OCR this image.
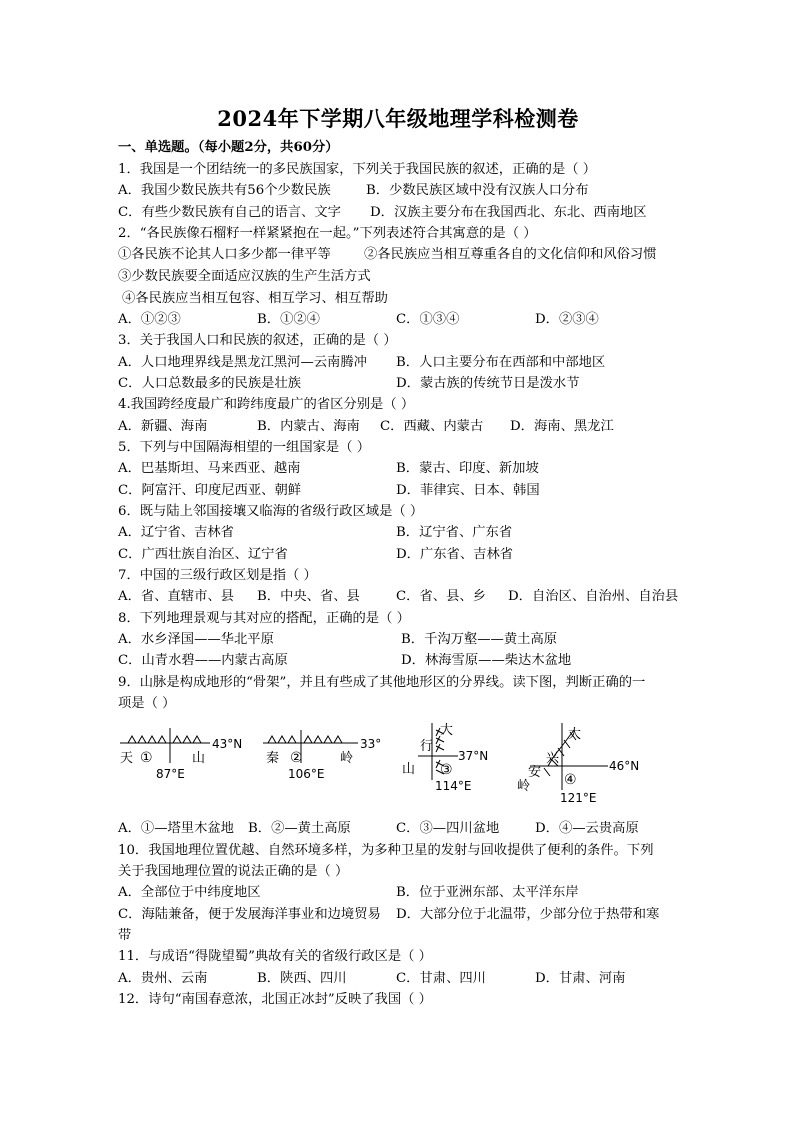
2024年下学期八年级地理学科检测卷
一、单选题。（每小题2分，共60分）
1．我国是一个团结统一的多民族国家，下列关于我国民族的叙述，正确的是（ ）
A．我国少数民族共有56个少数民族	B．少数民族区域中没有汉族人口分布
C．有些少数民族有自己的语言、文字 D．汉族主要分布在我国西北、东北、西南地区
2．“各民族像石榴籽一样紧紧抱在一起。”下列表述符合其寓意的是（ ）
①各民族不论其人口多少都一律平等	②各民族应当相互尊重各自的文化信仰和风俗习惯
③少数民族要全面适应汉族的生产生活方式
④各民族应当相互包容、相互学习、相互帮助
A．①②③	B．①②④	C．①③④	D．②③④
3．关于我国人口和民族的叙述，正确的是（ ）
A．人口地理界线是黑龙江黑河—云南腾冲 B．人口主要分布在西部和中部地区
C．人口总数最多的民族是壮族	D．蒙古族的传统节日是泼水节
4.我国跨经度最广和跨纬度最广的省区分别是（ ）
A．新疆、海南	B．内蒙古、海南 C．西藏、内蒙古 D．海南、黑龙江
5．下列与中国隔海相望的一组国家是（ ）
A．巴基斯坦、马来西亚、越南	B．蒙古、印度、新加坡
C．阿富汗、印度尼西亚、朝鲜	D．菲律宾、日本、韩国
6．既与陆上邻国接壤又临海的省级行政区域是（ ）
A．辽宁省、吉林省	B．辽宁省、广东省
C．广西壮族自治区、辽宁省	D．广东省、吉林省
7．中国的三级行政区划是指（ ）
A．省、直辖市、县 B．中央、省、县	C．省、县、乡 D．自治区、自治州、自治县
8．下列地理景观与其对应的搭配，正确的是（ ）
A．水乡泽国——华北平原	B．千沟万壑——黄土高原
C．山青水碧——内蒙古高原	D．林海雪原——柴达木盆地
9．山脉是构成地形的“骨架”，并且有些成了其他地形区的分界线。读下图，判断正确的一
项是（ ）
43°N
天 ①	山
87°E
33°
秦 ②	岭
106°E
大
行
37°N
山 ③
114°E
大
兴	46°N
安 ④
岭
121°E
A．①—塔里木盆地 B．②—黄土高原	C．③—四川盆地	D．④—云贵高原
10．我国地理位置优越、自然环境多样，为多种卫星的发射与回收提供了便利的条件。下列
关于我国地理位置的说法正确的是（ ）
A．全部位于中纬度地区	B．位于亚洲东部、太平洋东岸
C．海陆兼备，便于发展海洋事业和边境贸易 D．大部分位于北温带，少部分位于热带和寒
带
11．与成语“得陇望蜀”典故有关的省级行政区是（ ）
A．贵州、云南	B．陕西、四川	C．甘肃、四川	D．甘肃、河南
12．诗句“南国春意浓，北国正冰封”反映了我国（ ）
